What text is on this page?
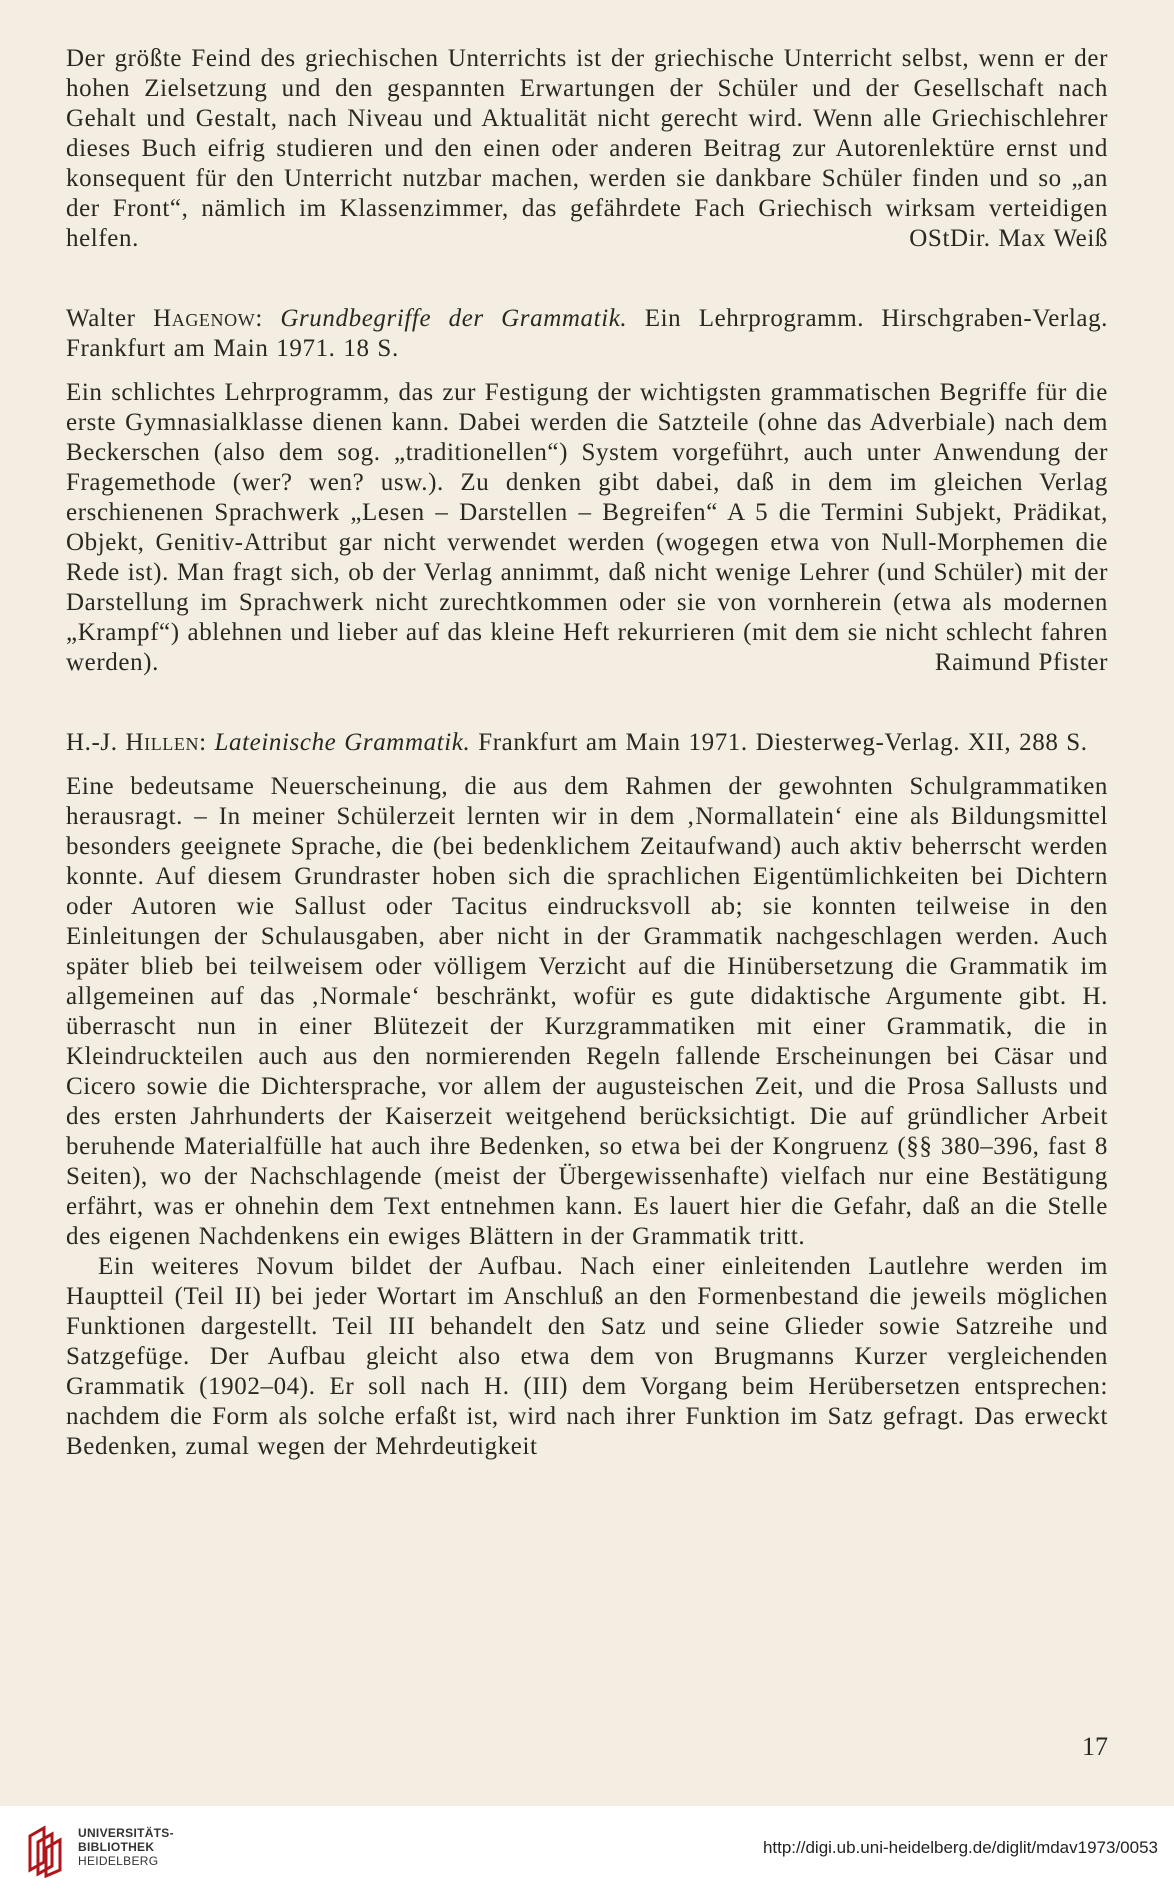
Der größte Feind des griechischen Unterrichts ist der griechische Unterricht selbst, wenn er der hohen Zielsetzung und den gespannten Erwartungen der Schüler und der Gesellschaft nach Gehalt und Gestalt, nach Niveau und Aktualität nicht gerecht wird. Wenn alle Griechischlehrer dieses Buch eifrig studieren und den einen oder anderen Beitrag zur Autorenlektüre ernst und konsequent für den Unterricht nutzbar machen, werden sie dankbare Schüler finden und so „an der Front“, nämlich im Klassenzimmer, das gefährdete Fach Griechisch wirksam verteidigen helfen.	OStDir. Max Weiß

Walter Hagenow: Grundbegriffe der Grammatik. Ein Lehrprogramm. Hirschgraben-Verlag. Frankfurt am Main 1971. 18 S.

Ein schlichtes Lehrprogramm, das zur Festigung der wichtigsten grammatischen Begriffe für die erste Gymnasialklasse dienen kann. Dabei werden die Satzteile (ohne das Adverbiale) nach dem Beckerschen (also dem sog. „traditionellen“) System vorgeführt, auch unter Anwendung der Fragemethode (wer? wen? usw.). Zu denken gibt dabei, daß in dem im gleichen Verlag erschienenen Sprachwerk „Lesen – Darstellen – Begreifen“ A 5 die Termini Subjekt, Prädikat, Objekt, Genitiv-Attribut gar nicht verwendet werden (wogegen etwa von Null-Morphemen die Rede ist). Man fragt sich, ob der Verlag annimmt, daß nicht wenige Lehrer (und Schüler) mit der Darstellung im Sprachwerk nicht zurechtkommen oder sie von vornherein (etwa als modernen „Krampf“) ablehnen und lieber auf das kleine Heft rekurrieren (mit dem sie nicht schlecht fahren werden).	Raimund Pfister

H.-J. Hillen: Lateinische Grammatik. Frankfurt am Main 1971. Diesterweg-Verlag. XII, 288 S.

Eine bedeutsame Neuerscheinung, die aus dem Rahmen der gewohnten Schulgrammatiken herausragt. – In meiner Schülerzeit lernten wir in dem ‚Normallatein‘ eine als Bildungsmittel besonders geeignete Sprache, die (bei bedenklichem Zeitaufwand) auch aktiv beherrscht werden konnte. Auf diesem Grundraster hoben sich die sprachlichen Eigentümlichkeiten bei Dichtern oder Autoren wie Sallust oder Tacitus eindrucksvoll ab; sie konnten teilweise in den Einleitungen der Schulausgaben, aber nicht in der Grammatik nachgeschlagen werden. Auch später blieb bei teilweisem oder völligem Verzicht auf die Hinübersetzung die Grammatik im allgemeinen auf das ‚Normale‘ beschränkt, wofür es gute didaktische Argumente gibt. H. überrascht nun in einer Blütezeit der Kurzgrammatiken mit einer Grammatik, die in Kleindruckteilen auch aus den normierenden Regeln fallende Erscheinungen bei Cäsar und Cicero sowie die Dichtersprache, vor allem der augusteischen Zeit, und die Prosa Sallusts und des ersten Jahrhunderts der Kaiserzeit weitgehend berücksichtigt. Die auf gründlicher Arbeit beruhende Materialfülle hat auch ihre Bedenken, so etwa bei der Kongruenz (§§ 380–396, fast 8 Seiten), wo der Nachschlagende (meist der Übergewissenhafte) vielfach nur eine Bestätigung erfährt, was er ohnehin dem Text entnehmen kann. Es lauert hier die Gefahr, daß an die Stelle des eigenen Nachdenkens ein ewiges Blättern in der Grammatik tritt.

Ein weiteres Novum bildet der Aufbau. Nach einer einleitenden Lautlehre werden im Hauptteil (Teil II) bei jeder Wortart im Anschluß an den Formenbestand die jeweils möglichen Funktionen dargestellt. Teil III behandelt den Satz und seine Glieder sowie Satzreihe und Satzgefüge. Der Aufbau gleicht also etwa dem von Brugmanns Kurzer vergleichenden Grammatik (1902–04). Er soll nach H. (III) dem Vorgang beim Herübersetzen entsprechen: nachdem die Form als solche erfaßt ist, wird nach ihrer Funktion im Satz gefragt. Das erweckt Bedenken, zumal wegen der Mehrdeutigkeit

17
UNIVERSITÄTS-
BIBLIOTHEK
HEIDELBERG
http://digi.ub.uni-heidelberg.de/diglit/mdav1973/0053
